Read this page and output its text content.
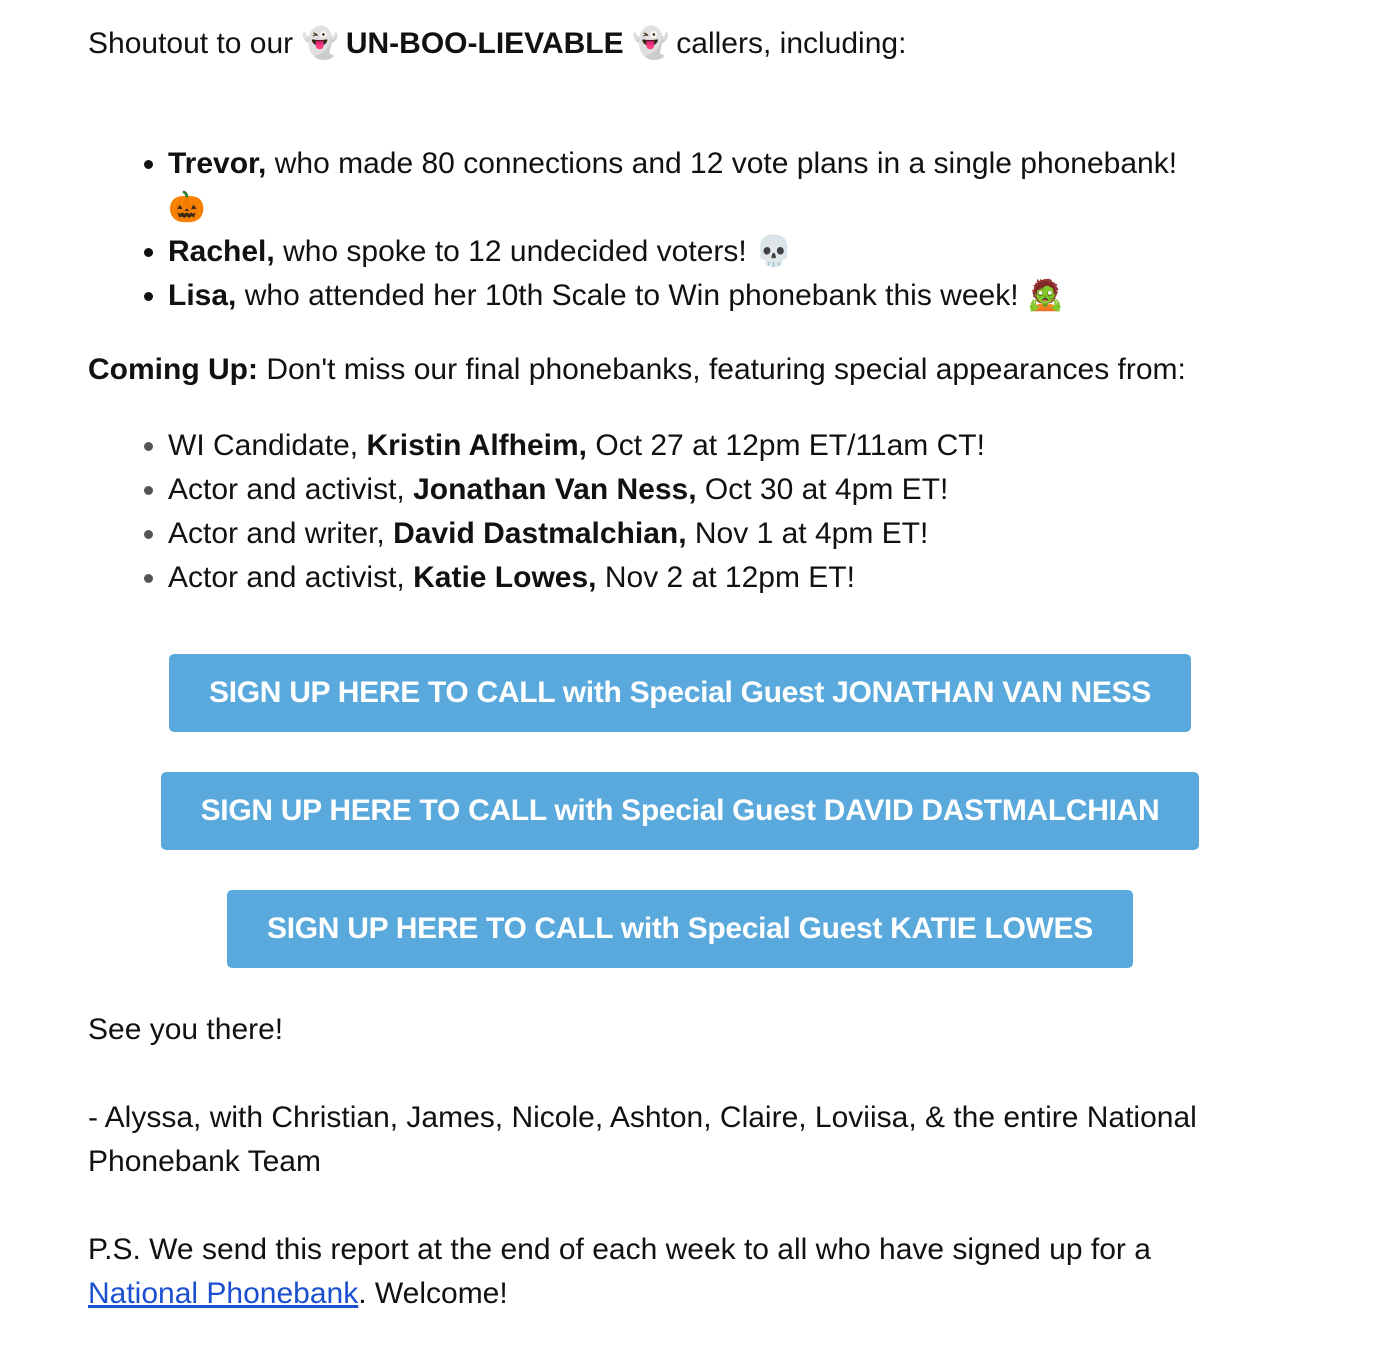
Shoutout to our 👻 UN-BOO-LIEVABLE 👻 callers, including:

• Trevor, who made 80 connections and 12 vote plans in a single phonebank!
🎃
• Rachel, who spoke to 12 undecided voters! 💀
• Lisa, who attended her 10th Scale to Win phonebank this week! 🧟

Coming Up: Don't miss our final phonebanks, featuring special appearances from:

• WI Candidate, Kristin Alfheim, Oct 27 at 12pm ET/11am CT!
• Actor and activist, Jonathan Van Ness, Oct 30 at 4pm ET!
• Actor and writer, David Dastmalchian, Nov 1 at 4pm ET!
• Actor and activist, Katie Lowes, Nov 2 at 12pm ET!
SIGN UP HERE TO CALL with Special Guest JONATHAN VAN NESS
SIGN UP HERE TO CALL with Special Guest DAVID DASTMALCHIAN
SIGN UP HERE TO CALL with Special Guest KATIE LOWES

See you there!

- Alyssa, with Christian, James, Nicole, Ashton, Claire, Loviisa, & the entire National Phonebank Team

P.S. We send this report at the end of each week to all who have signed up for a
National Phonebank. Welcome!
